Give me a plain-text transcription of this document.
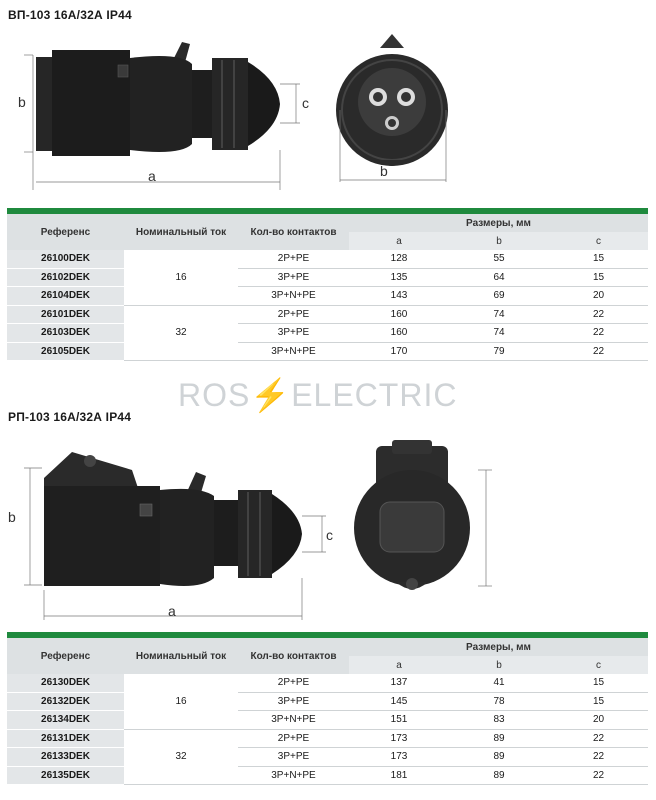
ВП-103 16А/32А IP44
b
a
c
b

Референс	Номинальный ток	Кол-во контактов	Размеры, мм		
			a	b	c
26100DEK	16	2P+PE	128	55	15
26102DEK		3P+PE	135	64	15
26104DEK		3P+N+PE	143	69	20
26101DEK	32	2P+PE	160	74	22
26103DEK		3P+PE	160	74	22
26105DEK		3P+N+PE	170	79	22
ROS⚡ELECTRIC
РП-103 16А/32А IP44
b
a
c

Референс	Номинальный ток	Кол-во контактов	Размеры, мм		
			a	b	c
26130DEK	16	2P+PE	137	41	15
26132DEK		3P+PE	145	78	15
26134DEK		3P+N+PE	151	83	20
26131DEK	32	2P+PE	173	89	22
26133DEK		3P+PE	173	89	22
26135DEK		3P+N+PE	181	89	22
